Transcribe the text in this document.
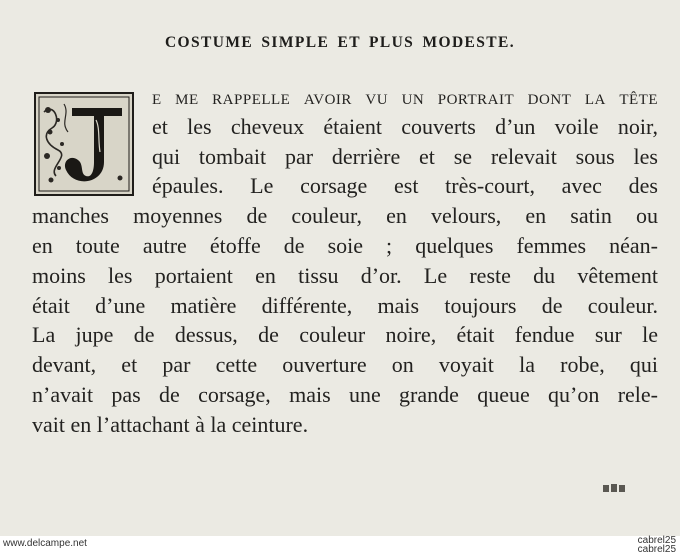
COSTUME SIMPLE ET PLUS MODESTE.
e me rappelle avoir vu un portrait dont la tête
et les cheveux étaient couverts d’un voile noir,
qui tombait par derrière et se relevait sous les
épaules. Le corsage est très-court, avec des
manches moyennes de couleur, en velours, en satin ou
en toute autre étoffe de soie ; quelques femmes néan-
moins les portaient en tissu d’or. Le reste du vêtement
était d’une matière différente, mais toujours de couleur.
La jupe de dessus, de couleur noire, était fendue sur le
devant, et par cette ouverture on voyait la robe, qui
n’avait pas de corsage, mais une grande queue qu’on rele-
vait en l’attachant à la ceinture.
www.delcampe.net	cabrel25
cabrel25
